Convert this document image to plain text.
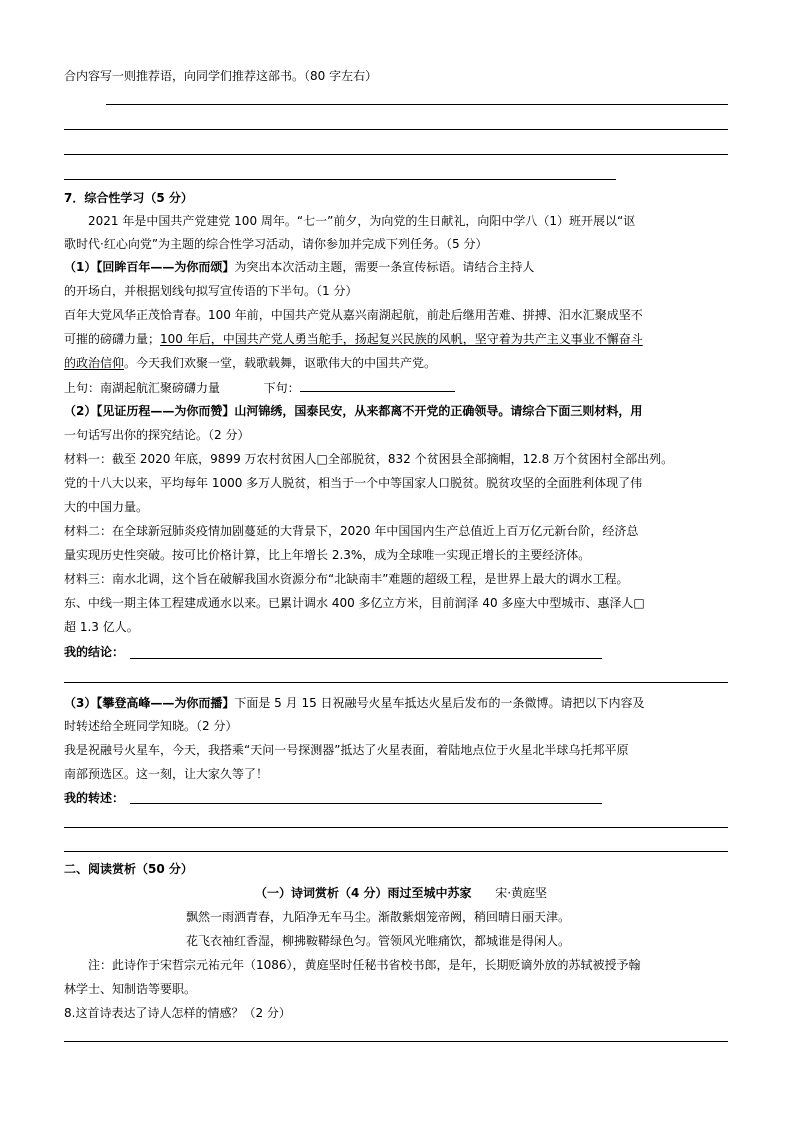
合内容写一则推荐语，向同学们推荐这部书。（80 字左右）
7．综合性学习（5 分）
2021 年是中国共产党建党 100 周年。“七一”前夕，为向党的生日献礼，向阳中学八（1）班开展以“讴
歌时代·红心向党”为主题的综合性学习活动，请你参加并完成下列任务。（5 分）
（1）【回眸百年——为你而颂】为突出本次活动主题，需要一条宣传标语。请结合主持人
的开场白，并根据划线句拟写宣传语的下半句。（1 分）
百年大党风华正茂恰青春。100 年前，中国共产党从嘉兴南湖起航，前赴后继用苦难、拼搏、汨水汇聚成坚不
可摧的磅礴力量；100 年后，中国共产党人勇当舵手，扬起复兴民族的风帆，坚守着为共产主义事业不懈奋斗
的政治信仰。今天我们欢聚一堂，载歌载舞，讴歌伟大的中国共产党。
上句：南湖起航汇聚磅礴力量	下句：
（2）【见证历程——为你而赞】山河锦绣，国泰民安，从来都离不开党的正确领导。请综合下面三则材料，用
一句话写出你的探究结论。（2 分）
材料一：截至 2020 年底，9899 万农村贫困人□全部脱贫，832 个贫困县全部摘帽，12.8 万个贫困村全部出列。
党的十八大以来，平均每年 1000 多万人脱贫，相当于一个中等国家人口脱贫。脱贫攻坚的全面胜利体现了伟
大的中国力量。
材料二：在全球新冠肺炎疫情加剧蔓延的大背景下，2020 年中国国内生产总值近上百万亿元新台阶，经济总
量实现历史性突破。按可比价格计算，比上年增长 2.3%，成为全球唯一实现正增长的主要经济体。
材料三：南水北调，这个旨在破解我国水资源分布“北缺南丰”难题的超级工程，是世界上最大的调水工程。
东、中线一期主体工程建成通水以来。已累计调水 400 多亿立方米，目前润泽 40 多座大中型城市、惠泽人□
超 1.3 亿人。
我的结论：
（3）【攀登高峰——为你而播】下面是 5 月 15 日祝融号火星车抵达火星后发布的一条微博。请把以下内容及
时转述给全班同学知晓。（2 分）
我是祝融号火星车，今天，我搭乘“天问一号探测器”抵达了火星表面，着陆地点位于火星北半球乌托邦平原
南部预选区。这一刻，让大家久等了！
我的转述：
二、阅读赏析（50 分）
（一）诗词赏析（4 分）雨过至城中苏家 宋·黄庭坚
飘然一雨洒青春，九陌净无车马尘。渐散紫烟笼帝阙，稍回晴日丽天津。
花飞衣袖红香湿，柳拂鞍鞯绿色匀。管领风光唯痛饮，都城谁是得闲人。
注：此诗作于宋哲宗元祐元年（1086），黄庭坚时任秘书省校书郎，是年，长期贬谪外放的苏轼被授予翰
林学士、知制诰等要职。
8.这首诗表达了诗人怎样的情感？（2 分）
